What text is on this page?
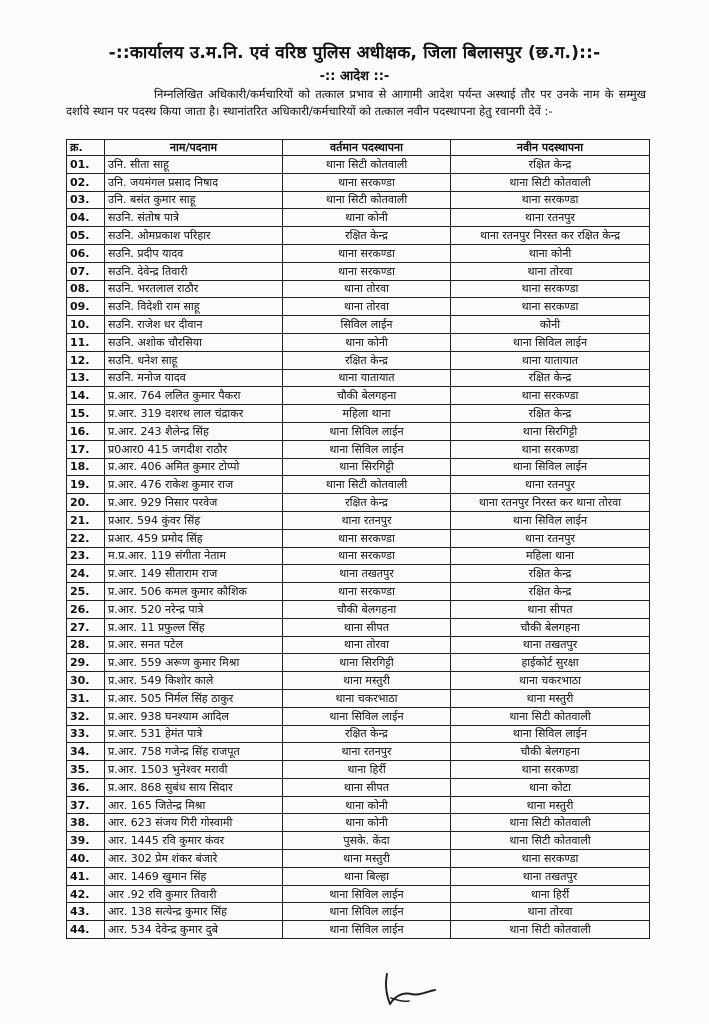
-::कार्यालय उ.म.नि. एवं वरिष्ठ पुलिस अधीक्षक, जिला बिलासपुर (छ.ग.)::-
-:: आदेश ::-
निम्नलिखित अधिकारी/कर्मचारियों को तत्काल प्रभाव से आगामी आदेश पर्यन्त अस्थाई तौर पर उनके नाम के सम्मुख दर्शाये स्थान पर पदस्थ किया जाता है। स्थानांतरित अधिकारी/कर्मचारियों को तत्काल नवीन पदस्थापना हेतु रवानगी देवें :-
क्र.	नाम/पदनाम	वर्तमान पदस्थापना	नवीन पदस्थापना
01.	उनि. सीता साहू	थाना सिटी कोतवाली	रक्षित केन्द्र
02.	उनि. जयमंगल प्रसाद निषाद	थाना सरकण्डा	थाना सिटी कोतवाली
03.	उनि. बसंत कुमार साहू	थाना सिटी कोतवाली	थाना सरकण्डा
04.	सउनि. संतोष पात्रे	थाना कोनी	थाना रतनपुर
05.	सउनि. ओमप्रकाश परिहार	रक्षित केन्द्र	थाना रतनपुर निरस्त कर रक्षित केन्द्र
06.	सउनि. प्रदीप यादव	थाना सरकण्डा	थाना कोनी
07.	सउनि. देवेन्द्र तिवारी	थाना सरकण्डा	थाना तोरवा
08.	सउनि. भरतलाल राठौर	थाना तोरवा	थाना सरकण्डा
09.	सउनि. विदेशी राम साहू	थाना तोरवा	थाना सरकण्डा
10.	सउनि. राजेश धर दीवान	सिविल लाईन	कोनी
11.	सउनि. अशोक चौरसिया	थाना कोनी	थाना सिविल लाईन
12.	सउनि. धनेश साहू	रक्षित केन्द्र	थाना यातायात
13.	सउनि. मनोज यादव	थाना यातायात	रक्षित केन्द्र
14.	प्र.आर. 764 ललित कुमार पैकरा	चौकी बेलगहना	थाना सरकण्डा
15.	प्र.आर. 319 दशरथ लाल चंद्राकर	महिला थाना	रक्षित केन्द्र
16.	प्र.आर. 243 शैलेन्द्र सिंह	थाना सिविल लाईन	थाना सिरगिट्टी
17.	प्र0आर0 415 जगदीश राठौर	थाना सिविल लाईन	थाना सरकण्डा
18.	प्र.आर. 406 अमित कुमार टोप्पो	थाना सिरगिट्टी	थाना सिविल लाईन
19.	प्र.आर. 476 राकेश कुमार राज	थाना सिटी कोतवाली	थाना रतनपुर
20.	प्र.आर. 929 निसार परवेज	रक्षित केन्द्र	थाना रतनपुर निरस्त कर थाना तोरवा
21.	प्रआर. 594 कुंवर सिंह	थाना रतनपुर	थाना सिविल लाईन
22.	प्रआर. 459 प्रमोद सिंह	थाना सरकण्डा	थाना रतनपुर
23.	म.प्र.आर. 119 संगीता नेताम	थाना सरकण्डा	महिला थाना
24.	प्र.आर. 149 सीताराम राज	थाना तखतपुर	रक्षित केन्द्र
25.	प्र.आर. 506 कमल कुमार कौशिक	थाना सरकण्डा	रक्षित केन्द्र
26.	प्र.आर. 520 नरेन्द्र पात्रे	चौकी बेलगहना	थाना सीपत
27.	प्र.आर. 11 प्रफुल्ल सिंह	थाना सीपत	चौकी बेलगहना
28.	प्र.आर. सनत पटेल	थाना तोरवा	थाना तखतपुर
29.	प्र.आर. 559 अरूण कुमार मिश्रा	थाना सिरगिट्टी	हाईकोर्ट सुरक्षा
30.	प्र.आर. 549 किशोर काले	थाना मस्तुरी	थाना चकरभाठा
31.	प्र.आर. 505 निर्मल सिंह ठाकुर	थाना चकरभाठा	थाना मस्तुरी
32.	प्र.आर. 938 घनश्याम आदिल	थाना सिविल लाईन	थाना सिटी कोतवाली
33.	प्र.आर. 531 हेमंत पात्रे	रक्षित केन्द्र	थाना सिविल लाईन
34.	प्र.आर. 758 गजेन्द्र सिंह राजपूत	थाना रतनपुर	चौकी बेलगहना
35.	प्र.आर. 1503 भुनेश्वर मरावी	थाना हिर्री	थाना सरकण्डा
36.	प्र.आर. 868 सुबंध साय सिदार	थाना सीपत	थाना कोटा
37.	आर. 165 जितेन्द्र मिश्रा	थाना कोनी	थाना मस्तुरी
38.	आर. 623 संजय गिरी गोस्वामी	थाना कोनी	थाना सिटी कोतवाली
39.	आर. 1445 रवि कुमार कंवर	पुसके. केंदा	थाना सिटी कोतवाली
40.	आर. 302 प्रेम शंकर बंजारे	थाना मस्तुरी	थाना सरकण्डा
41.	आर. 1469 खुमान सिंह	थाना बिल्हा	थाना तखतपुर
42.	आर .92 रवि कुमार तिवारी	थाना सिविल लाईन	थाना हिर्री
43.	आर. 138 सत्येन्द्र कुमार सिंह	थाना सिविल लाईन	थाना तोरवा
44.	आर. 534 देवेन्द्र कुमार दुबे	थाना सिविल लाईन	थाना सिटी कोतवाली
